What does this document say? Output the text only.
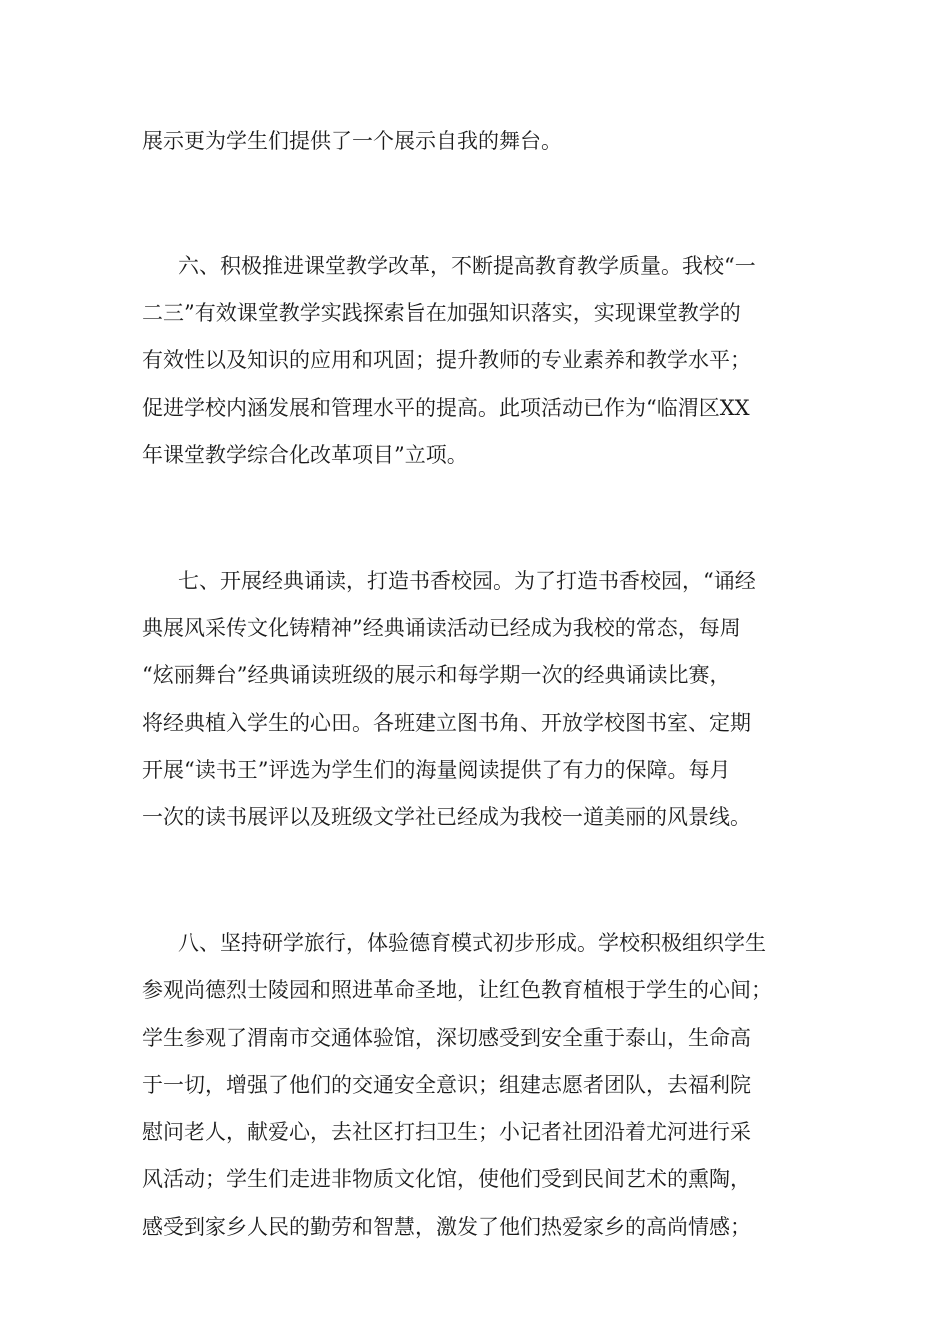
展示更为学生们提供了一个展示自我的舞台。
六、积极推进课堂教学改革，不断提高教育教学质量。我校“一
二三”有效课堂教学实践探索旨在加强知识落实，实现课堂教学的
有效性以及知识的应用和巩固；提升教师的专业素养和教学水平；
促进学校内涵发展和管理水平的提高。此项活动已作为“临渭区XX
年课堂教学综合化改革项目”立项。
七、开展经典诵读，打造书香校园。为了打造书香校园，“诵经
典展风采传文化铸精神”经典诵读活动已经成为我校的常态，每周
“炫丽舞台”经典诵读班级的展示和每学期一次的经典诵读比赛，
将经典植入学生的心田。各班建立图书角、开放学校图书室、定期
开展“读书王”评选为学生们的海量阅读提供了有力的保障。每月
一次的读书展评以及班级文学社已经成为我校一道美丽的风景线。
八、坚持研学旅行，体验德育模式初步形成。学校积极组织学生
参观尚德烈士陵园和照进革命圣地，让红色教育植根于学生的心间；
学生参观了渭南市交通体验馆，深切感受到安全重于泰山，生命高
于一切，增强了他们的交通安全意识；组建志愿者团队，去福利院
慰问老人，献爱心，去社区打扫卫生；小记者社团沿着尤河进行采
风活动；学生们走进非物质文化馆，使他们受到民间艺术的熏陶，
感受到家乡人民的勤劳和智慧，激发了他们热爱家乡的高尚情感；
